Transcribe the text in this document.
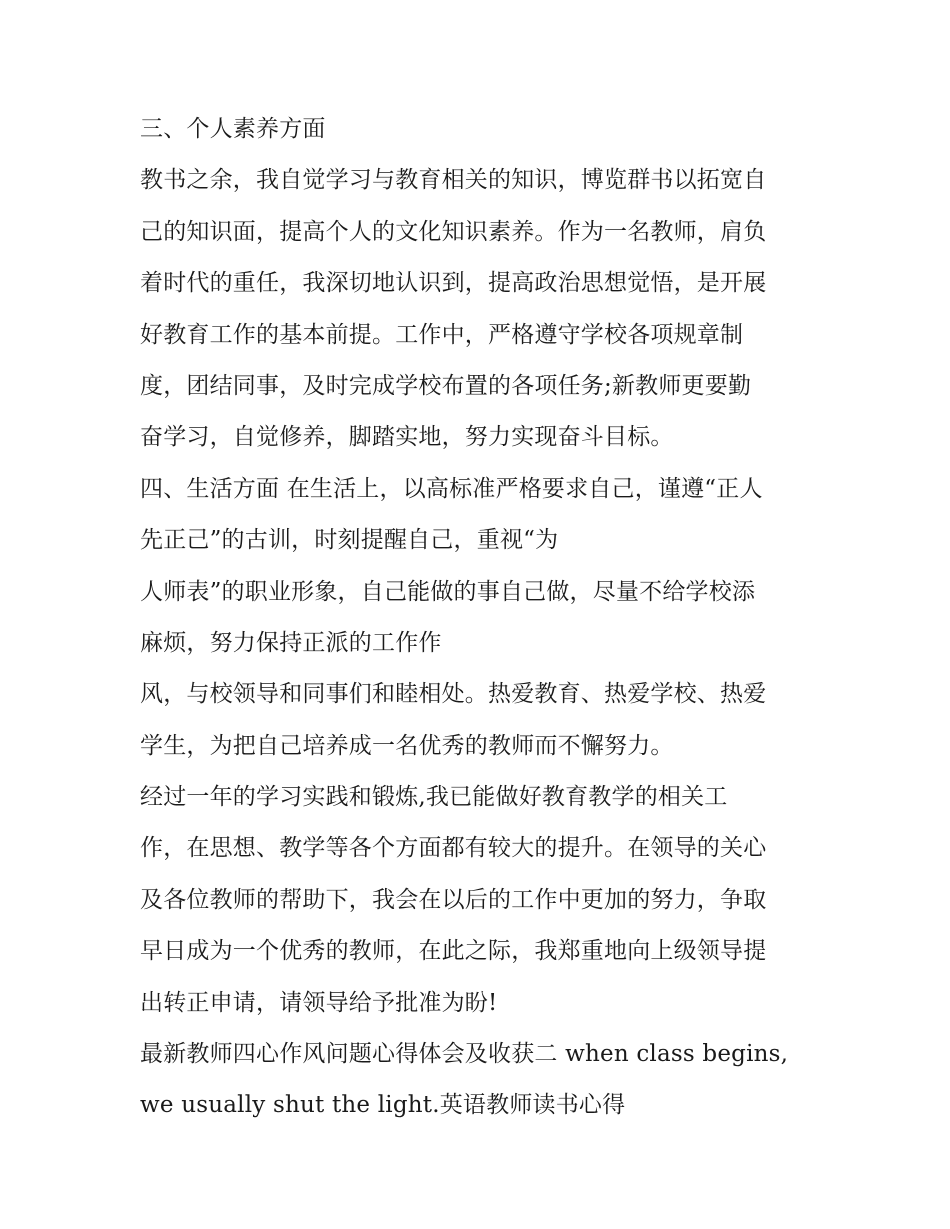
三、个人素养方面
教书之余，我自觉学习与教育相关的知识，博览群书以拓宽自
己的知识面，提高个人的文化知识素养。作为一名教师，肩负
着时代的重任，我深切地认识到，提高政治思想觉悟，是开展
好教育工作的基本前提。工作中，严格遵守学校各项规章制
度，团结同事，及时完成学校布置的各项任务;新教师更要勤
奋学习，自觉修养，脚踏实地，努力实现奋斗目标。
四、生活方面 在生活上，以高标准严格要求自己，谨遵“正人
先正己”的古训，时刻提醒自己，重视“为
人师表”的职业形象，自己能做的事自己做，尽量不给学校添
麻烦，努力保持正派的工作作
风，与校领导和同事们和睦相处。热爱教育、热爱学校、热爱
学生，为把自己培养成一名优秀的教师而不懈努力。
经过一年的学习实践和锻炼,我已能做好教育教学的相关工
作，在思想、教学等各个方面都有较大的提升。在领导的关心
及各位教师的帮助下，我会在以后的工作中更加的努力，争取
早日成为一个优秀的教师，在此之际，我郑重地向上级领导提
出转正申请，请领导给予批准为盼!
最新教师四心作风问题心得体会及收获二 when class begins,
we usually shut the light.英语教师读书心得
